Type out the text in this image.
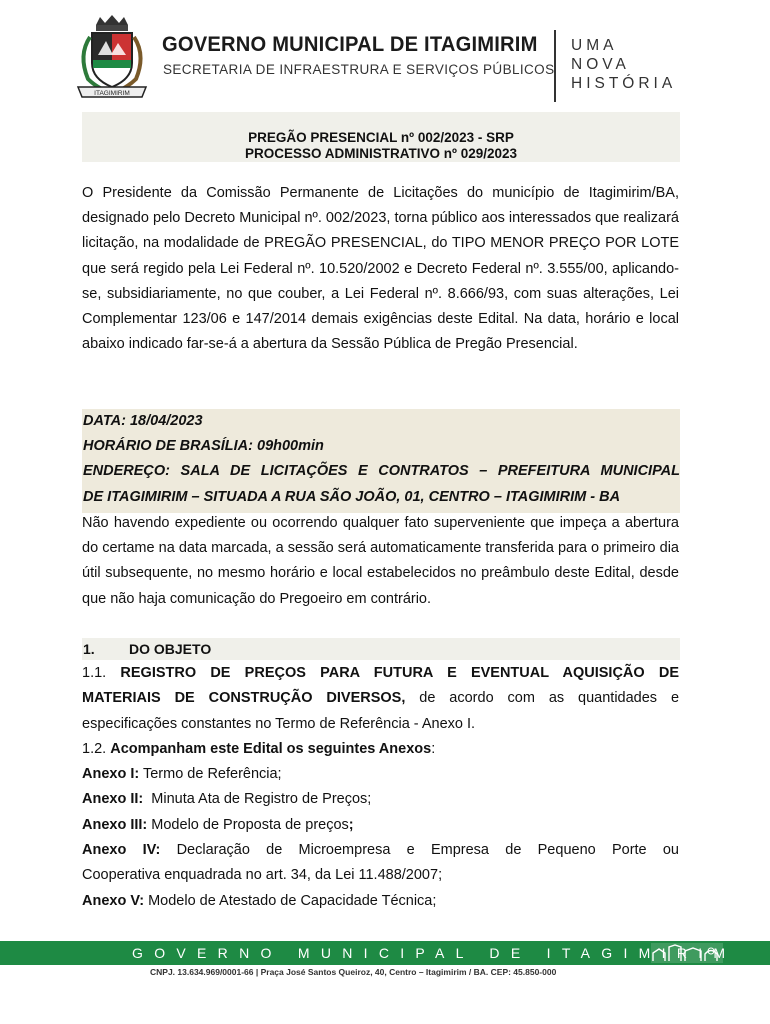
ITAGIMIRIM
GOVERNO MUNICIPAL DE ITAGIMIRIM
SECRETARIA DE INFRAESTRURA E SERVIÇOS PÚBLICOS
UMA
NOVA
HISTÓRIA
PREGÃO PRESENCIAL nº 002/2023 - SRP
PROCESSO ADMINISTRATIVO nº 029/2023

O Presidente da Comissão Permanente de Licitações do município de Itagimirim/BA, designado pelo Decreto Municipal nº. 002/2023, torna público aos interessados que realizará licitação, na modalidade de PREGÃO PRESENCIAL, do TIPO MENOR PREÇO POR LOTE que será regido pela Lei Federal nº. 10.520/2002 e Decreto Federal nº. 3.555/00, aplicando-se, subsidiariamente, no que couber, a Lei Federal nº. 8.666/93, com suas alterações, Lei Complementar 123/06 e 147/2014 demais exigências deste Edital. Na data, horário e local abaixo indicado far-se-á a abertura da Sessão Pública de Pregão Presencial.

DATA: 18/04/2023

HORÁRIO DE BRASÍLIA: 09h00min

ENDEREÇO: SALA DE LICITAÇÕES E CONTRATOS – PREFEITURA MUNICIPAL

DE ITAGIMIRIM – SITUADA A RUA SÃO JOÃO, 01, CENTRO – ITAGIMIRIM - BA

Não havendo expediente ou ocorrendo qualquer fato superveniente que impeça a abertura do certame na data marcada, a sessão será automaticamente transferida para o primeiro dia útil subsequente, no mesmo horário e local estabelecidos no preâmbulo deste Edital, desde que não haja comunicação do Pregoeiro em contrário.

1. DO OBJETO

1.1. REGISTRO DE PREÇOS PARA FUTURA E EVENTUAL AQUISIÇÃO DE

MATERIAIS DE CONSTRUÇÃO DIVERSOS, de acordo com as quantidades e

especificações constantes no Termo de Referência - Anexo I.

1.2. Acompanham este Edital os seguintes Anexos:

Anexo I: Termo de Referência;

Anexo II:  Minuta Ata de Registro de Preços;

Anexo III: Modelo de Proposta de preços;

Anexo IV: Declaração de Microempresa e Empresa de Pequeno Porte ou

Cooperativa enquadrada no art. 34, da Lei 11.488/2007;

Anexo V: Modelo de Atestado de Capacidade Técnica;

GOVERNO MUNICIPAL DE ITAGIMIRIM
CNPJ. 13.634.969/0001-66 | Praça José Santos Queiroz, 40, Centro – Itagimirim / BA. CEP: 45.850-000
